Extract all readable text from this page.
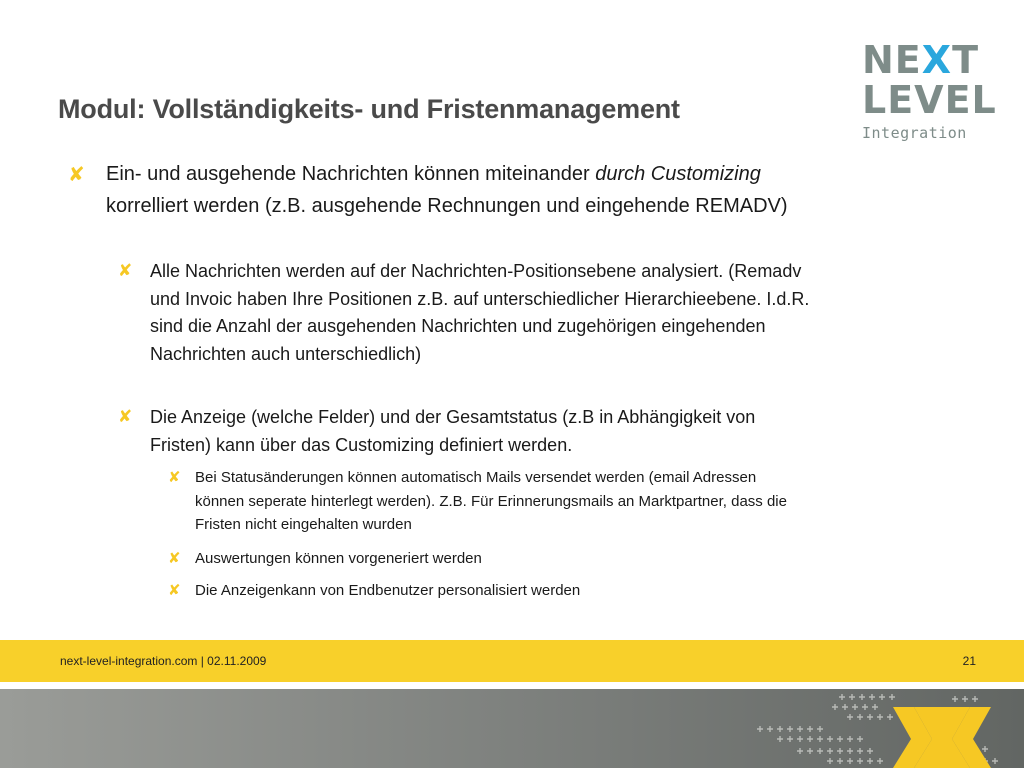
Modul: Vollständigkeits- und Fristenmanagement
NEXT
LEVEL
Integration
✘ Ein- und ausgehende Nachrichten können miteinander durch Customizing korrelliert werden (z.B. ausgehende Rechnungen und eingehende REMADV)
✘ Alle Nachrichten werden auf der Nachrichten-Positionsebene analysiert. (Remadv und Invoic haben Ihre Positionen z.B. auf unterschiedlicher Hierarchieebene. I.d.R. sind die Anzahl der ausgehenden Nachrichten und zugehörigen eingehenden Nachrichten auch unterschiedlich)
✘ Die Anzeige (welche Felder) und der Gesamtstatus (z.B in Abhängigkeit von Fristen) kann über das Customizing definiert werden.
✘ Bei Statusänderungen können automatisch Mails versendet werden (email Adressen können seperate hinterlegt werden). Z.B. Für Erinnerungsmails an Marktpartner, dass die Fristen nicht eingehalten wurden
✘ Auswertungen können vorgeneriert werden
✘ Die Anzeigenkann von Endbenutzer personalisiert werden
next-level-integration.com | 02.11.2009	21
